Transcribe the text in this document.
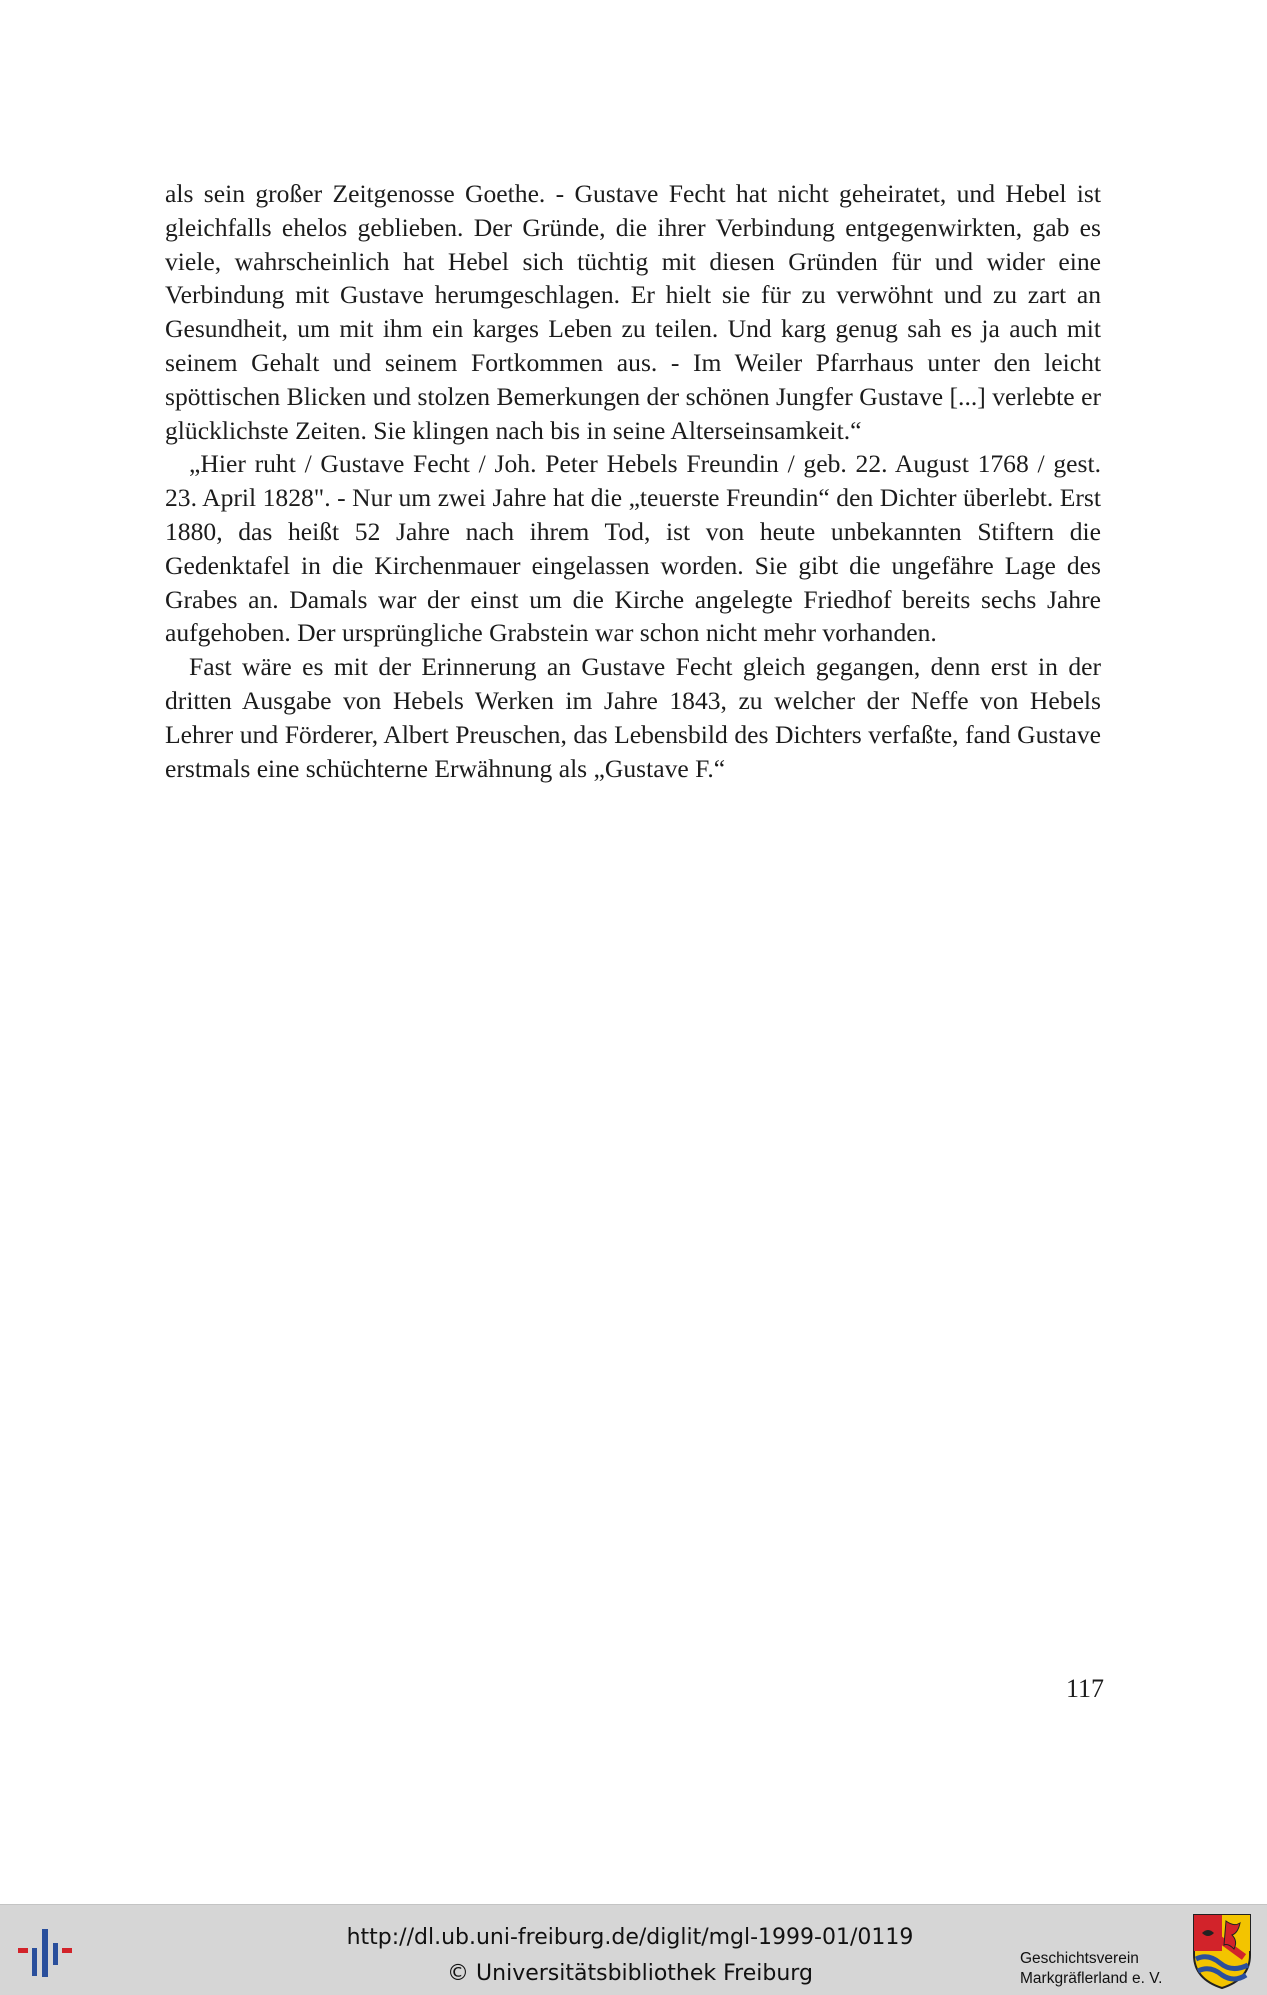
als sein großer Zeitgenosse Goethe. - Gustave Fecht hat nicht geheiratet, und Hebel ist gleichfalls ehelos geblieben. Der Gründe, die ihrer Verbindung entgegenwirkten, gab es viele, wahrscheinlich hat Hebel sich tüchtig mit diesen Gründen für und wider eine Verbindung mit Gustave herumgeschlagen. Er hielt sie für zu verwöhnt und zu zart an Gesundheit, um mit ihm ein karges Leben zu teilen. Und karg genug sah es ja auch mit seinem Gehalt und seinem Fortkommen aus. - Im Weiler Pfarrhaus unter den leicht spöttischen Blicken und stolzen Bemerkungen der schönen Jungfer Gustave [...] verlebte er glücklichste Zeiten. Sie klingen nach bis in seine Alterseinsamkeit.“

„Hier ruht / Gustave Fecht / Joh. Peter Hebels Freundin / geb. 22. August 1768 / gest. 23. April 1828". - Nur um zwei Jahre hat die „teuerste Freundin“ den Dichter überlebt. Erst 1880, das heißt 52 Jahre nach ihrem Tod, ist von heute unbekannten Stiftern die Gedenktafel in die Kirchenmauer eingelassen worden. Sie gibt die ungefähre Lage des Grabes an. Damals war der einst um die Kirche angelegte Friedhof bereits sechs Jahre aufgehoben. Der ursprüngliche Grabstein war schon nicht mehr vorhanden.

Fast wäre es mit der Erinnerung an Gustave Fecht gleich gegangen, denn erst in der dritten Ausgabe von Hebels Werken im Jahre 1843, zu welcher der Neffe von Hebels Lehrer und Förderer, Albert Preuschen, das Lebensbild des Dichters verfaßte, fand Gustave erstmals eine schüchterne Erwähnung als „Gustave F.“

117
http://dl.ub.uni-freiburg.de/diglit/mgl-1999-01/0119
© Universitätsbibliothek Freiburg
Geschichtsverein
Markgräflerland e. V.
